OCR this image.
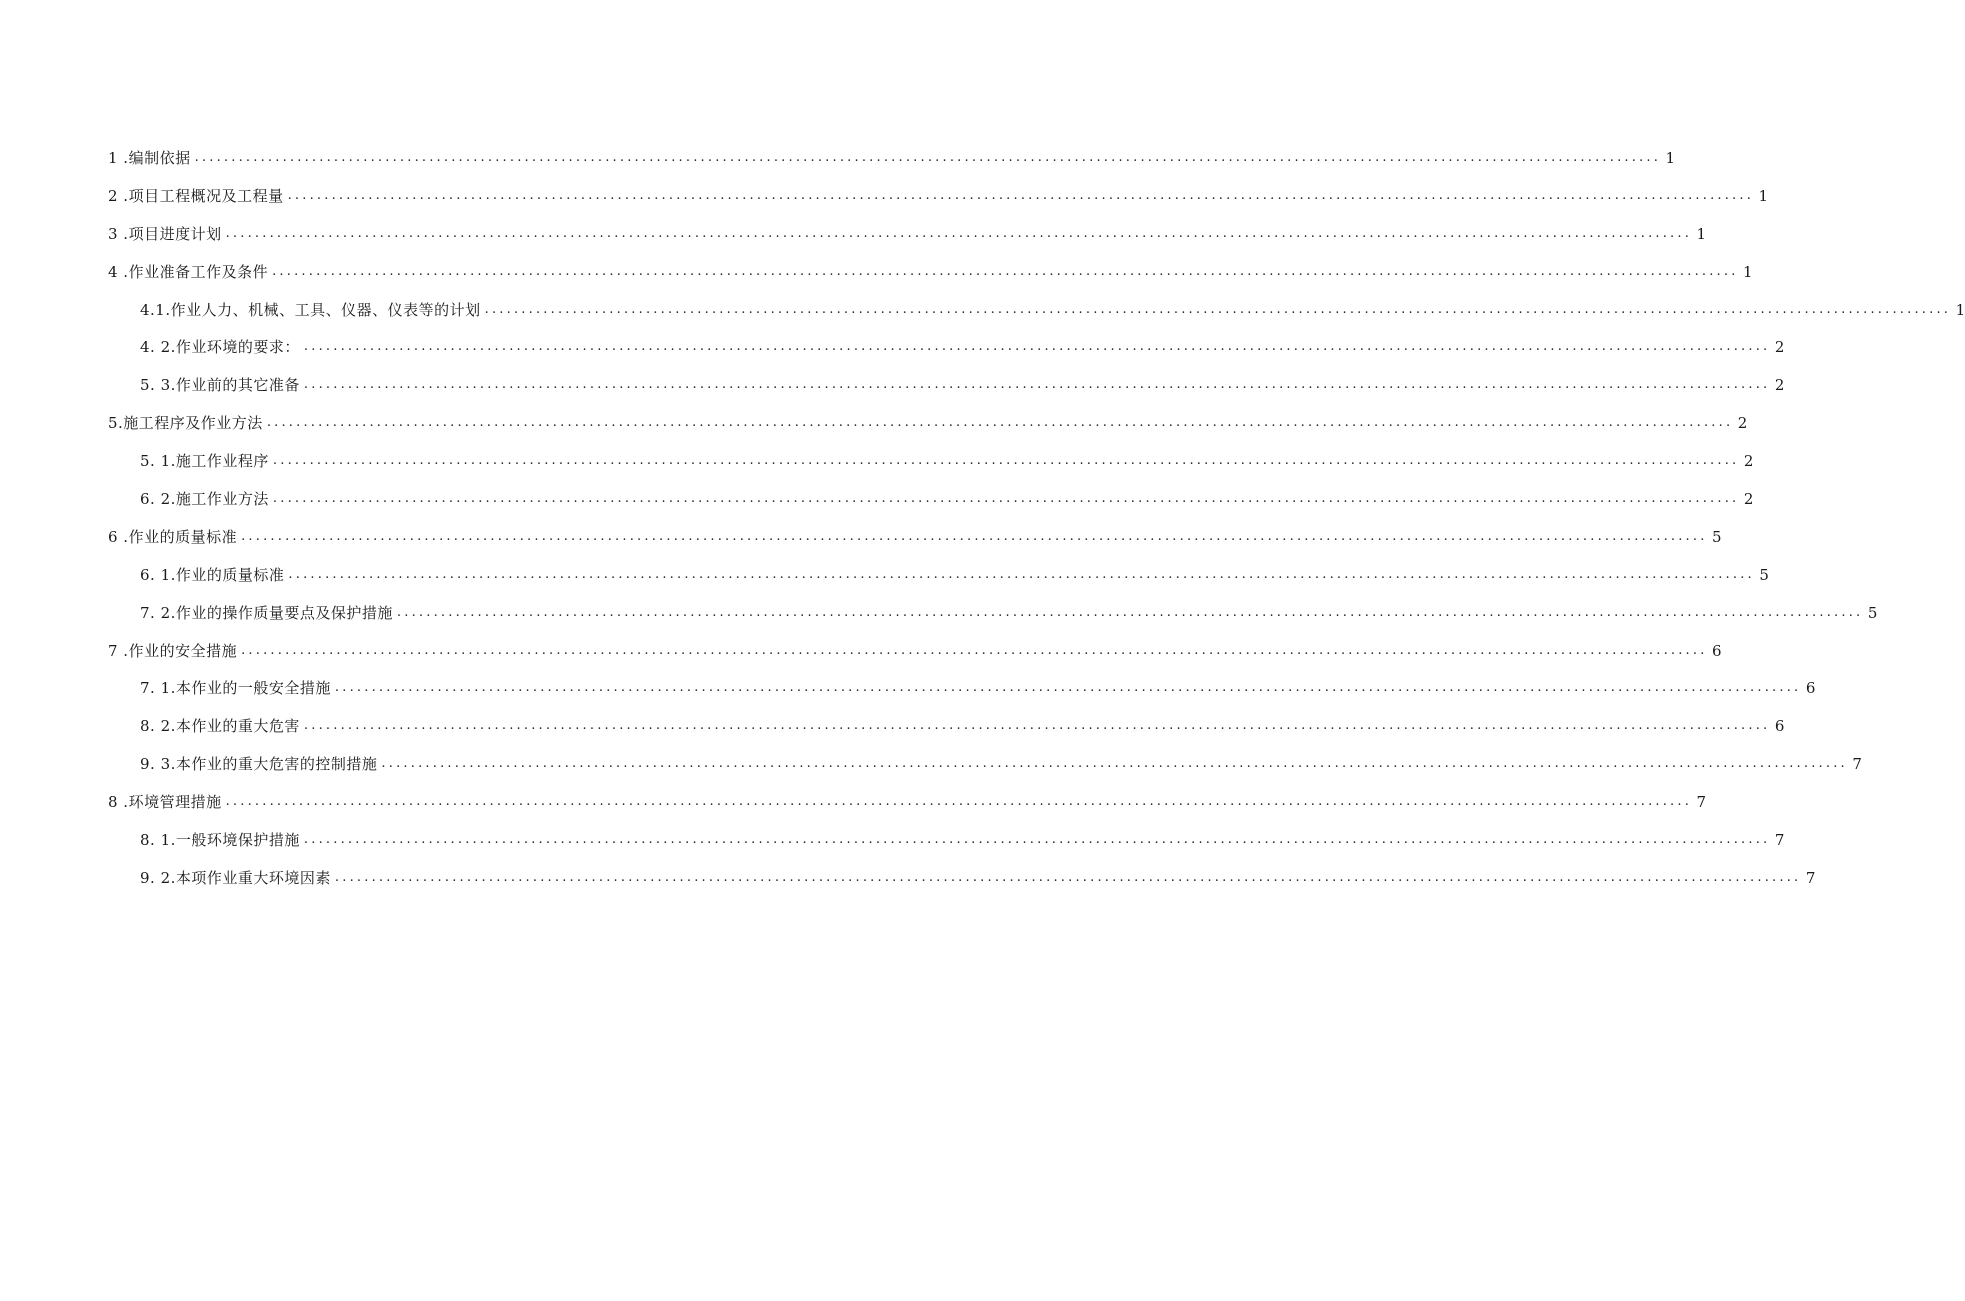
1 .编制依据 ........................................................................................................................................................................................................ 1
2 .项目工程概况及工程量 ........................................................................................................................................................................................................ 1
3 .项目进度计划 ........................................................................................................................................................................................................ 1
4 .作业准备工作及条件 ........................................................................................................................................................................................................ 1
4.1.作业人力、机械、工具、仪器、仪表等的计划 ........................................................................................................................................................................................................ 1
4. 2.作业环境的要求： ........................................................................................................................................................................................................ 2
5. 3.作业前的其它准备 ........................................................................................................................................................................................................ 2
5.施工程序及作业方法 ........................................................................................................................................................................................................ 2
5. 1.施工作业程序 ........................................................................................................................................................................................................ 2
6. 2.施工作业方法 ........................................................................................................................................................................................................ 2
6 .作业的质量标准 ........................................................................................................................................................................................................ 5
6. 1.作业的质量标准 ........................................................................................................................................................................................................ 5
7. 2.作业的操作质量要点及保护措施 ........................................................................................................................................................................................................ 5
7 .作业的安全措施 ........................................................................................................................................................................................................ 6
7. 1.本作业的一般安全措施 ........................................................................................................................................................................................................ 6
8. 2.本作业的重大危害 ........................................................................................................................................................................................................ 6
9. 3.本作业的重大危害的控制措施 ........................................................................................................................................................................................................ 7
8 .环境管理措施 ........................................................................................................................................................................................................ 7
8. 1.一般环境保护措施 ........................................................................................................................................................................................................ 7
9. 2.本项作业重大环境因素 ........................................................................................................................................................................................................ 7
